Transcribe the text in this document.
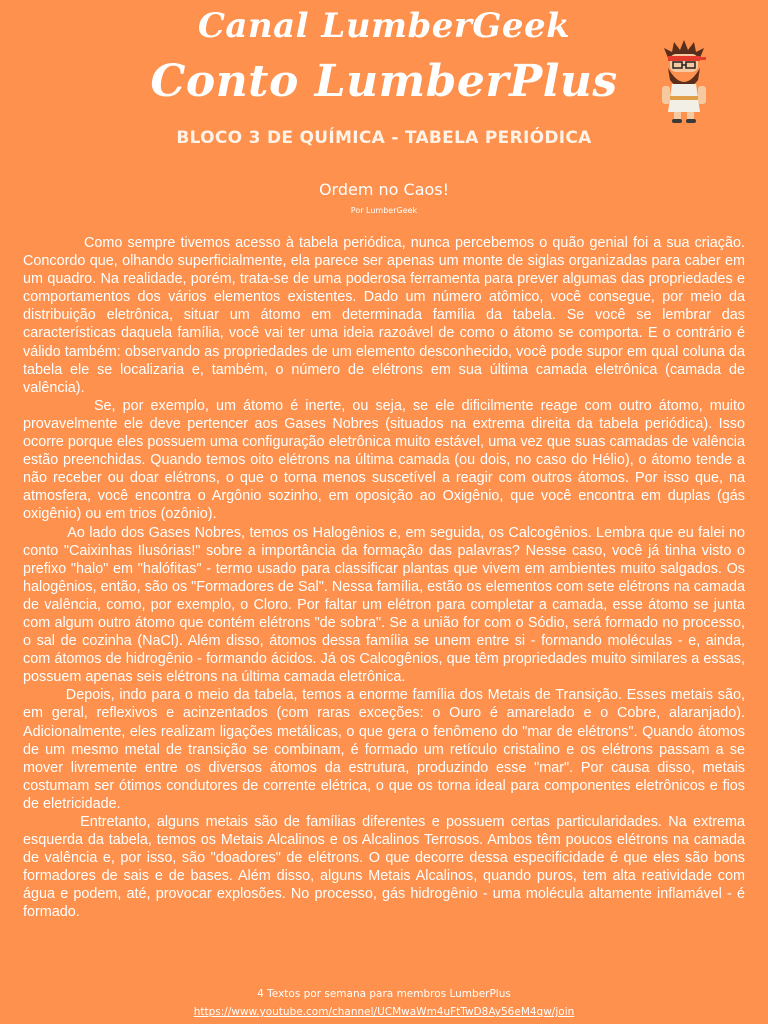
Canal LumberGeek
Conto LumberPlus
BLOCO 3 DE QUÍMICA - TABELA PERIÓDICA
Ordem no Caos!
Por LumberGeek

Como sempre tivemos acesso à tabela periódica, nunca percebemos o quão genial foi a sua criação. Concordo que, olhando superficialmente, ela parece ser apenas um monte de siglas organizadas para caber em um quadro. Na realidade, porém, trata-se de uma poderosa ferramenta para prever algumas das propriedades e comportamentos dos vários elementos existentes. Dado um número atômico, você consegue, por meio da distribuição eletrônica, situar um átomo em determinada família da tabela. Se você se lembrar das características daquela família, você vai ter uma ideia razoável de como o átomo se comporta. E o contrário é válido também: observando as propriedades de um elemento desconhecido, você pode supor em qual coluna da tabela ele se localizaria e, também, o número de elétrons em sua última camada eletrônica (camada de valência).

Se, por exemplo, um átomo é inerte, ou seja, se ele dificilmente reage com outro átomo, muito provavelmente ele deve pertencer aos Gases Nobres (situados na extrema direita da tabela periódica). Isso ocorre porque eles possuem uma configuração eletrônica muito estável, uma vez que suas camadas de valência estão preenchidas. Quando temos oito elétrons na última camada (ou dois, no caso do Hélio), o átomo tende a não receber ou doar elétrons, o que o torna menos suscetível a reagir com outros átomos. Por isso que, na atmosfera, você encontra o Argônio sozinho, em oposição ao Oxigênio, que você encontra em duplas (gás oxigênio) ou em trios (ozônio).

Ao lado dos Gases Nobres, temos os Halogênios e, em seguida, os Calcogênios. Lembra que eu falei no conto "Caixinhas Ilusórias!" sobre a importância da formação das palavras? Nesse caso, você já tinha visto o prefixo "halo" em "halófitas" - termo usado para classificar plantas que vivem em ambientes muito salgados. Os halogênios, então, são os "Formadores de Sal". Nessa família, estão os elementos com sete elétrons na camada de valência, como, por exemplo, o Cloro. Por faltar um elétron para completar a camada, esse átomo se junta com algum outro átomo que contém elétrons "de sobra". Se a união for com o Sódio, será formado no processo, o sal de cozinha (NaCl). Além disso, átomos dessa família se unem entre si - formando moléculas - e, ainda, com átomos de hidrogênio - formando ácidos. Já os Calcogênios, que têm propriedades muito similares a essas, possuem apenas seis elétrons na última camada eletrônica.

Depois, indo para o meio da tabela, temos a enorme família dos Metais de Transição. Esses metais são, em geral, reflexivos e acinzentados (com raras exceções: o Ouro é amarelado e o Cobre, alaranjado). Adicionalmente, eles realizam ligações metálicas, o que gera o fenômeno do "mar de elétrons". Quando átomos de um mesmo metal de transição se combinam, é formado um retículo cristalino e os elétrons passam a se mover livremente entre os diversos átomos da estrutura, produzindo esse "mar". Por causa disso, metais costumam ser ótimos condutores de corrente elétrica, o que os torna ideal para componentes eletrônicos e fios de eletricidade.

Entretanto, alguns metais são de famílias diferentes e possuem certas particularidades. Na extrema esquerda da tabela, temos os Metais Alcalinos e os Alcalinos Terrosos. Ambos têm poucos elétrons na camada de valência e, por isso, são "doadores" de elétrons. O que decorre dessa especificidade é que eles são bons formadores de sais e de bases. Além disso, alguns Metais Alcalinos, quando puros, tem alta reatividade com água e podem, até, provocar explosões. No processo, gás hidrogênio - uma molécula altamente inflamável - é formado.

4 Textos por semana para membros LumberPlus
https://www.youtube.com/channel/UCMwaWm4uFtTwD8Ay56eM4qw/join
